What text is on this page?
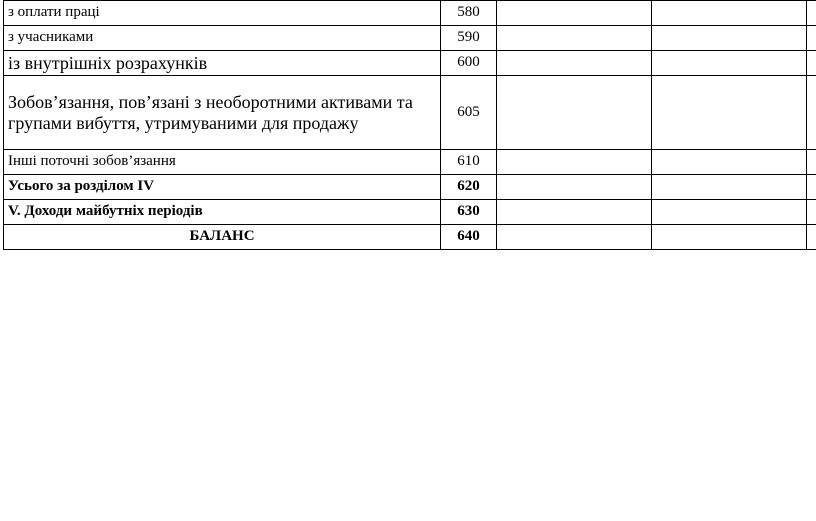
з оплати праці	580			
з учасниками	590			
із внутрішніх розрахунків	600			
Зобов’язання, пов’язані з необоротними активами та групами вибуття, утримуваними для продажу	605			
Інші поточні зобов’язання	610			
Усього за розділом IV	620			
V. Доходи майбутніх періодів	630			
БАЛАНС	640			
